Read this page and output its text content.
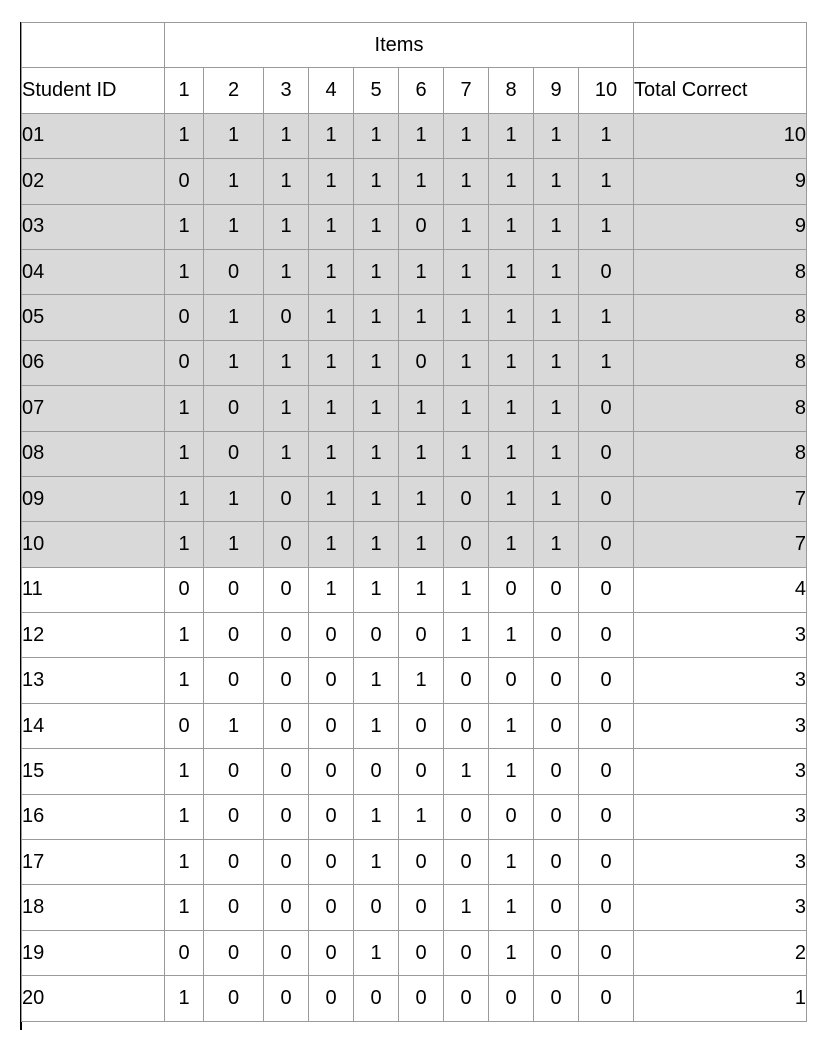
	Items										
Student ID	1	2	3	4	5	6	7	8	9	10	Total Correct
01	1	1	1	1	1	1	1	1	1	1	10
02	0	1	1	1	1	1	1	1	1	1	9
03	1	1	1	1	1	0	1	1	1	1	9
04	1	0	1	1	1	1	1	1	1	0	8
05	0	1	0	1	1	1	1	1	1	1	8
06	0	1	1	1	1	0	1	1	1	1	8
07	1	0	1	1	1	1	1	1	1	0	8
08	1	0	1	1	1	1	1	1	1	0	8
09	1	1	0	1	1	1	0	1	1	0	7
10	1	1	0	1	1	1	0	1	1	0	7
11	0	0	0	1	1	1	1	0	0	0	4
12	1	0	0	0	0	0	1	1	0	0	3
13	1	0	0	0	1	1	0	0	0	0	3
14	0	1	0	0	1	0	0	1	0	0	3
15	1	0	0	0	0	0	1	1	0	0	3
16	1	0	0	0	1	1	0	0	0	0	3
17	1	0	0	0	1	0	0	1	0	0	3
18	1	0	0	0	0	0	1	1	0	0	3
19	0	0	0	0	1	0	0	1	0	0	2
20	1	0	0	0	0	0	0	0	0	0	1
